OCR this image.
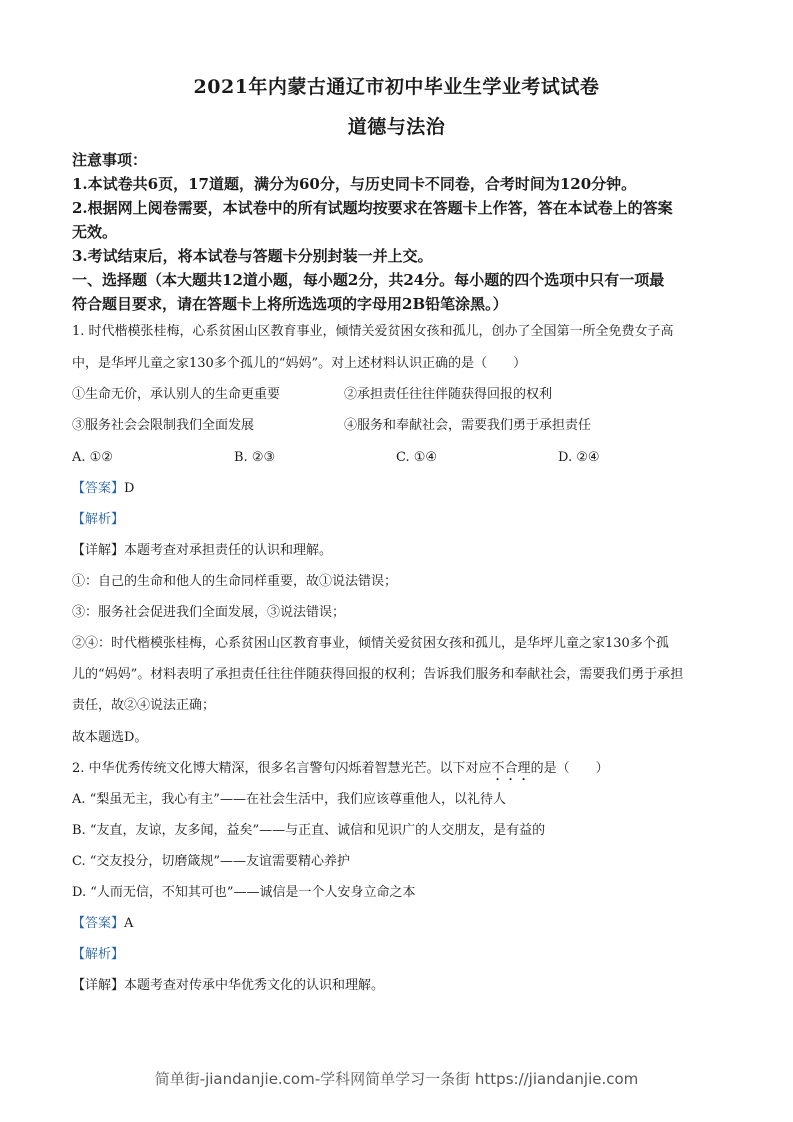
2021年内蒙古通辽市初中毕业生学业考试试卷
道德与法治
注意事项：
1.本试卷共6页，17道题，满分为60分，与历史同卡不同卷，合考时间为120分钟。
2.根据网上阅卷需要，本试卷中的所有试题均按要求在答题卡上作答，答在本试卷上的答案
无效。
3.考试结束后，将本试卷与答题卡分别封装一并上交。
一、选择题（本大题共12道小题，每小题2分，共24分。每小题的四个选项中只有一项最
符合题目要求，请在答题卡上将所选选项的字母用2B铅笔涂黑。）
1. 时代楷模张桂梅，心系贫困山区教育事业，倾情关爱贫困女孩和孤儿，创办了全国第一所全免费女子高
中，是华坪儿童之家130多个孤儿的“妈妈”。对上述材料认识正确的是（　　）
①生命无价，承认别人的生命更重要	②承担责任往往伴随获得回报的权利
③服务社会会限制我们全面发展	④服务和奉献社会，需要我们勇于承担责任
A. ①②	B. ②③	C. ①④	D. ②④
【答案】D
【解析】
【详解】本题考查对承担责任的认识和理解。
①：自己的生命和他人的生命同样重要，故①说法错误；
③：服务社会促进我们全面发展，③说法错误；
②④：时代楷模张桂梅，心系贫困山区教育事业，倾情关爱贫困女孩和孤儿，是华坪儿童之家130多个孤
儿的“妈妈”。材料表明了承担责任往往伴随获得回报的权利；告诉我们服务和奉献社会，需要我们勇于承担
责任，故②④说法正确；
故本题选D。
2. 中华优秀传统文化博大精深，很多名言警句闪烁着智慧光芒。以下对应不合理的是（　　）
A. “梨虽无主，我心有主”——在社会生活中，我们应该尊重他人，以礼待人
B. “友直，友谅，友多闻，益矣”——与正直、诚信和见识广的人交朋友，是有益的
C. “交友投分，切磨箴规”——友谊需要精心养护
D. “人而无信，不知其可也”——诚信是一个人安身立命之本
【答案】A
【解析】
【详解】本题考查对传承中华优秀文化的认识和理解。
简单街-jiandanjie.com-学科网简单学习一条街 https://jiandanjie.com
